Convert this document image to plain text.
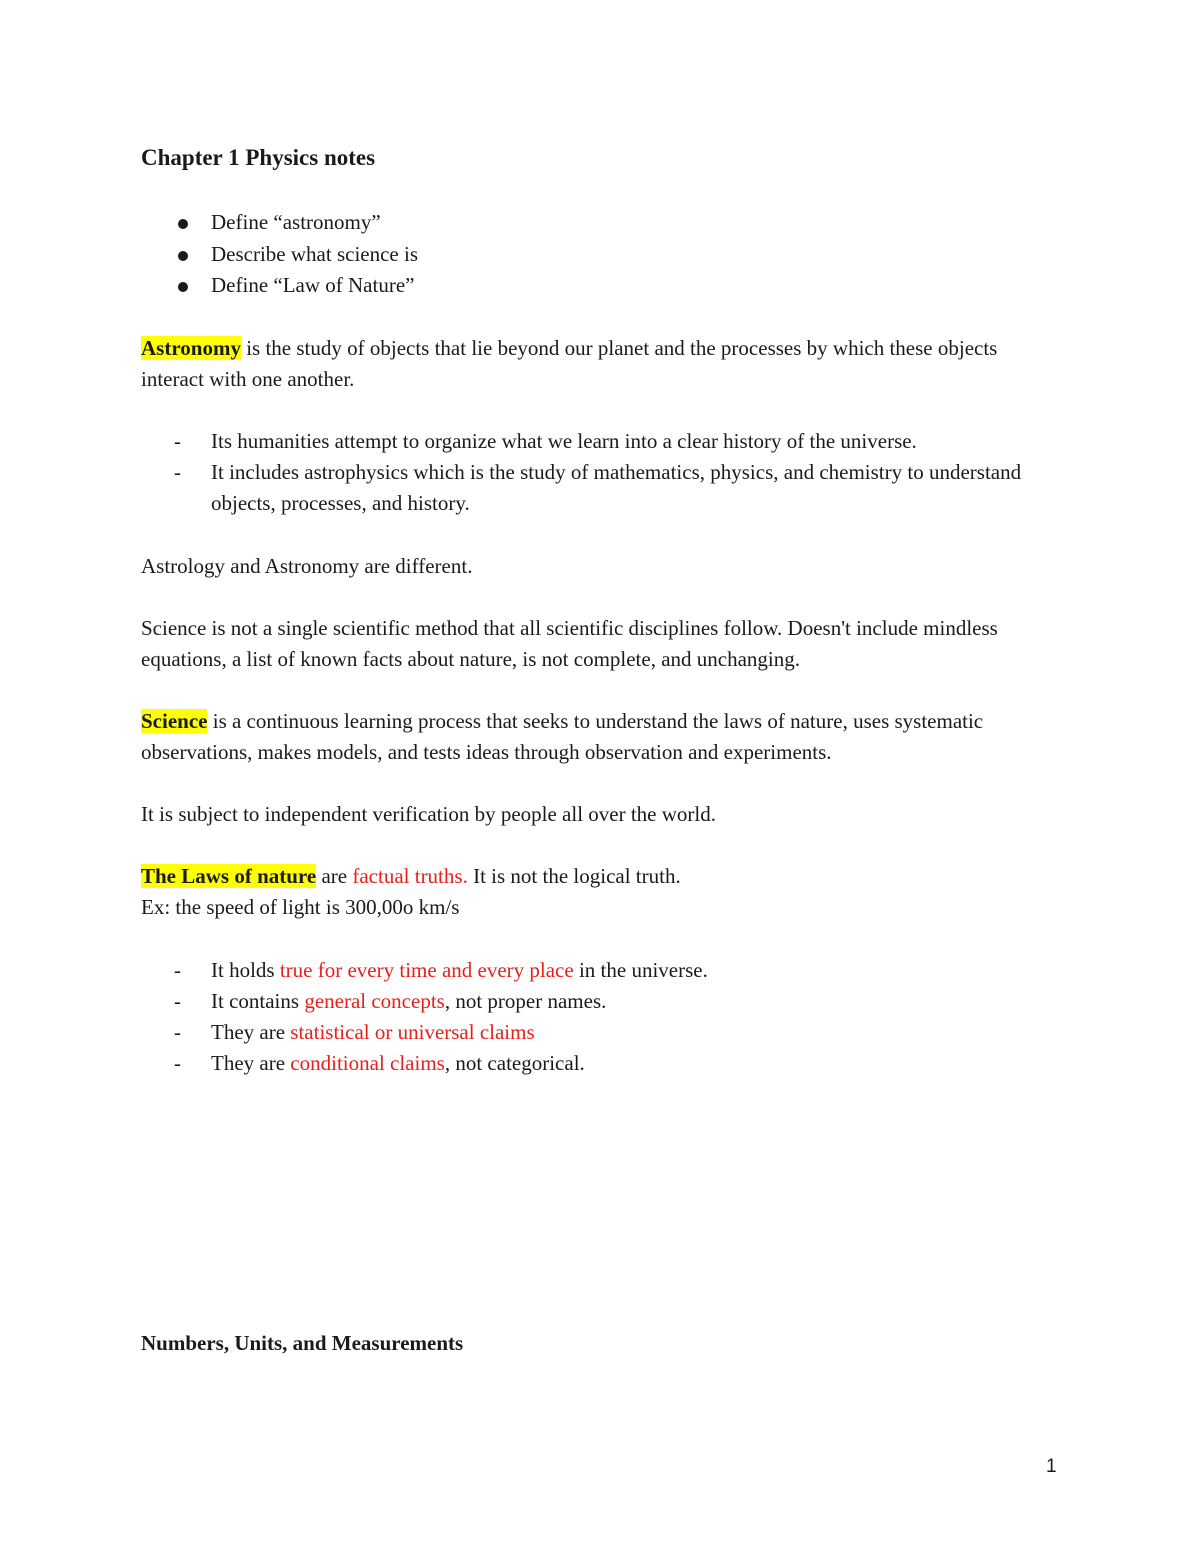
Chapter 1 Physics notes
Define “astronomy”
Describe what science is
Define “Law of Nature”

Astronomy is the study of objects that lie beyond our planet and the processes by which these objects interact with one another.

- Its humanities attempt to organize what we learn into a clear history of the universe.
- It includes astrophysics which is the study of mathematics, physics, and chemistry to understand objects, processes, and history.

Astrology and Astronomy are different.

Science is not a single scientific method that all scientific disciplines follow. Doesn't include mindless equations, a list of known facts about nature, is not complete, and unchanging.

Science is a continuous learning process that seeks to understand the laws of nature, uses systematic observations, makes models, and tests ideas through observation and experiments.

It is subject to independent verification by people all over the world.

The Laws of nature are factual truths. It is not the logical truth.
Ex: the speed of light is 300,00o km/s

- It holds true for every time and every place in the universe.
- It contains general concepts, not proper names.
- They are statistical or universal claims
- They are conditional claims, not categorical.
Numbers, Units, and Measurements
1
